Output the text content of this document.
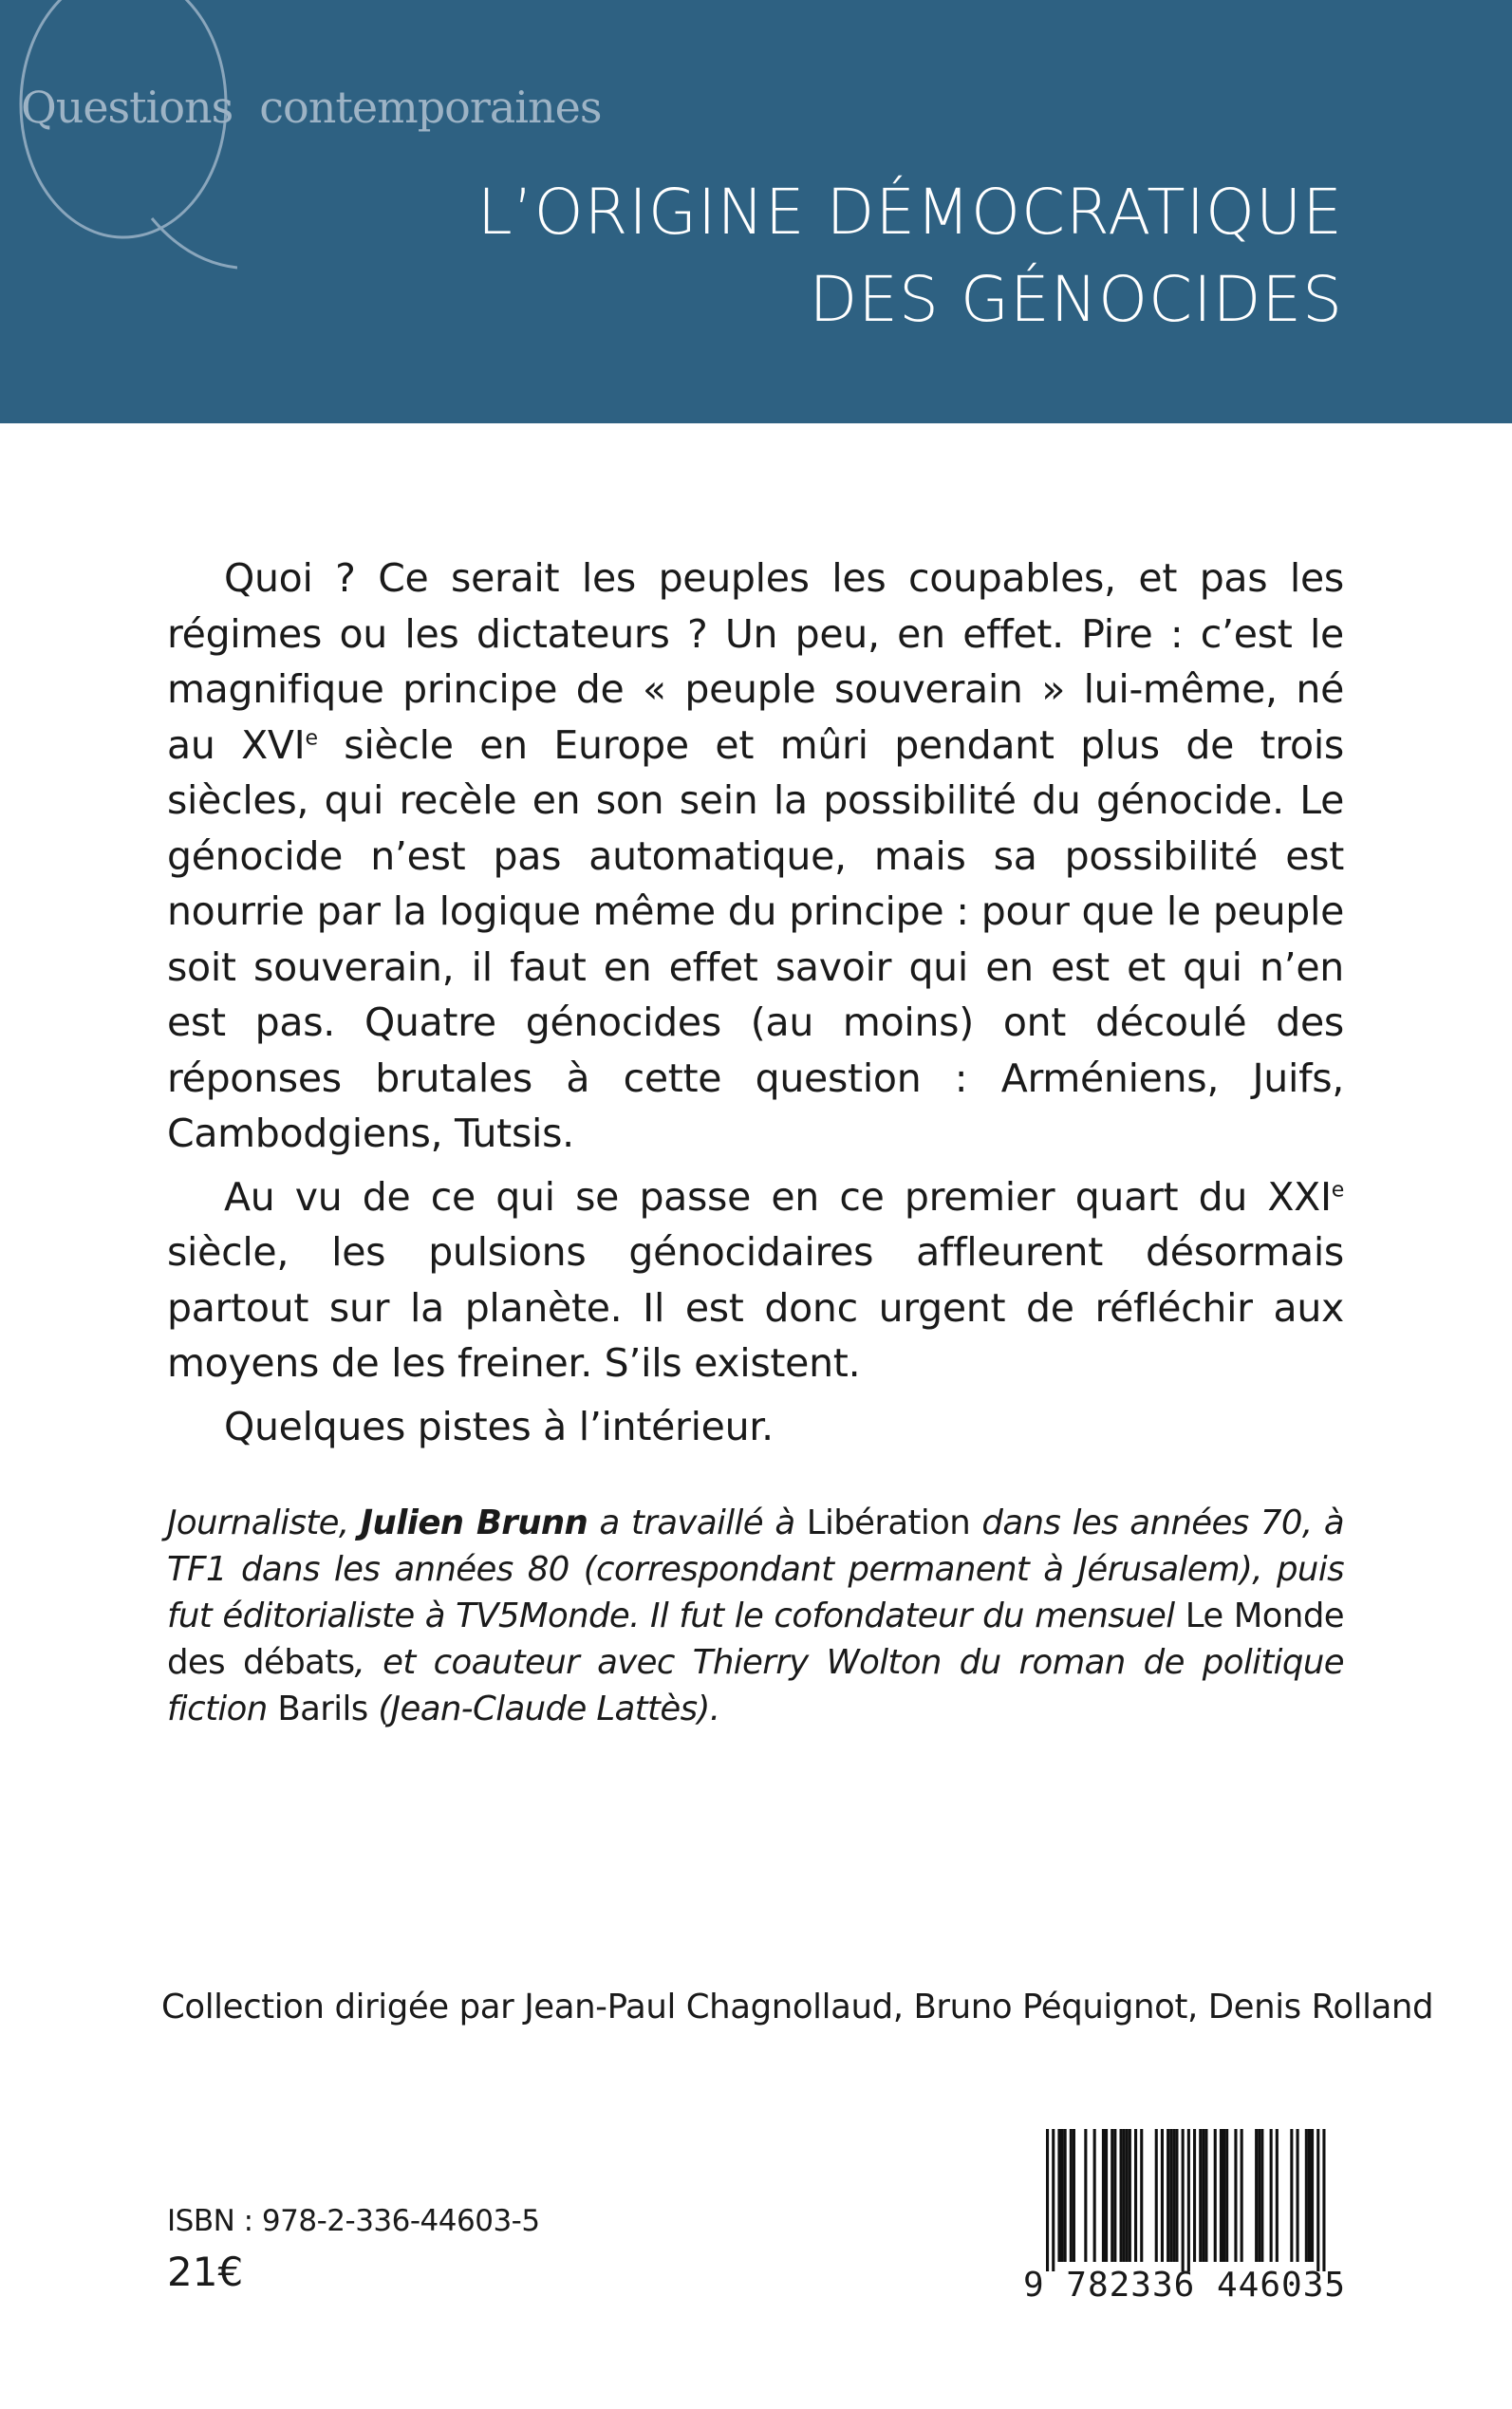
Questions contemporaines
L’ORIGINE DÉMOCRATIQUE
DES GÉNOCIDES

Quoi ? Ce serait les peuples les coupables, et pas les régimes ou les dictateurs ? Un peu, en effet. Pire : c’est le magnifique principe de « peuple souverain » lui-même, né au XVIe siècle en Europe et mûri pendant plus de trois siècles, qui recèle en son sein la possibilité du génocide. Le génocide n’est pas automatique, mais sa possibilité est nourrie par la logique même du principe : pour que le peuple soit souverain, il faut en effet savoir qui en est et qui n’en est pas. Quatre génocides (au moins) ont découlé des réponses brutales à cette question : Arméniens, Juifs, Cambodgiens, Tutsis.

Au vu de ce qui se passe en ce premier quart du XXIe siècle, les pulsions génocidaires affleurent désormais partout sur la planète. Il est donc urgent de réfléchir aux moyens de les freiner. S’ils existent.

Quelques pistes à l’intérieur.

Journaliste, Julien Brunn a travaillé à Libération dans les années 70, à TF1 dans les années 80 (correspondant permanent à Jérusalem), puis fut éditorialiste à TV5Monde. Il fut le cofondateur du mensuel Le Monde des débats, et coauteur avec Thierry Wolton du roman de politique fiction Barils (Jean-Claude Lattès).
Collection dirigée par Jean-Paul Chagnollaud, Bruno Péquignot, Denis Rolland
ISBN : 978-2-336-44603-5
21€	9 782336 446035
